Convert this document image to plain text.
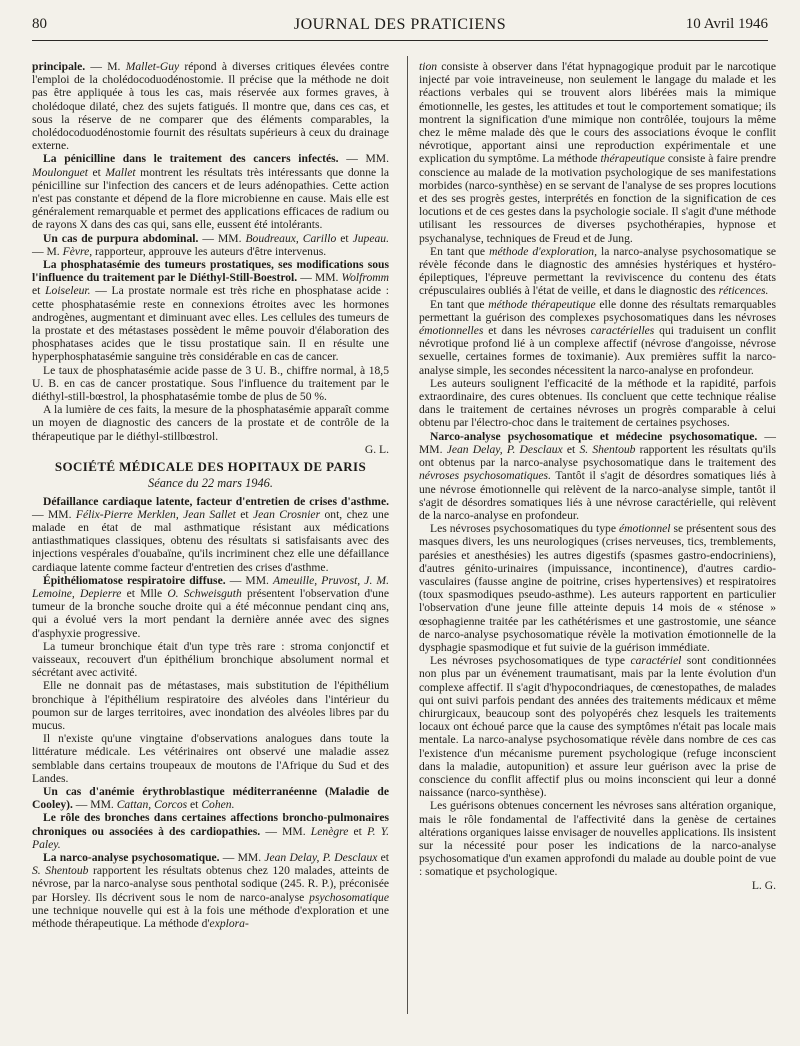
80	JOURNAL DES PRATICIENS	10 Avril 1946

principale. — M. Mallet-Guy répond à diverses critiques élevées contre l'emploi de la cholédocoduodénostomie. Il précise que la méthode ne doit pas être appliquée à tous les cas, mais réservée aux formes graves, à cholédoque dilaté, chez des sujets fatigués. Il montre que, dans ces cas, et sous la réserve de ne comparer que des éléments comparables, la cholédocoduodénostomie fournit des résultats supérieurs à ceux du drainage externe.

La pénicilline dans le traitement des cancers infectés. — MM. Moulonguet et Mallet montrent les résultats très intéressants que donne la pénicilline sur l'infection des cancers et de leurs adénopathies. Cette action n'est pas constante et dépend de la flore microbienne en cause. Mais elle est généralement remarquable et permet des applications efficaces de radium ou de rayons X dans des cas qui, sans elle, eussent été intolérants.

Un cas de purpura abdominal. — MM. Boudreaux, Carillo et Jupeau. — M. Fèvre, rapporteur, approuve les auteurs d'être intervenus.

La phosphatasémie des tumeurs prostatiques, ses modifications sous l'influence du traitement par le Diéthyl-Still-Boestrol. — MM. Wolfromm et Loiseleur. — La prostate normale est très riche en phosphatase acide : cette phosphatasémie reste en connexions étroites avec les hormones androgènes, augmentant et diminuant avec elles. Les cellules des tumeurs de la prostate et des métastases possèdent le même pouvoir d'élaboration des phosphatases acides que le tissu prostatique sain. Il en résulte une hyperphosphatasémie sanguine très considérable en cas de cancer.

Le taux de phosphatasémie acide passe de 3 U. B., chiffre normal, à 18,5 U. B. en cas de cancer prostatique. Sous l'influence du traitement par le diéthyl-still-bœstrol, la phosphatasémie tombe de plus de 50 %.

A la lumière de ces faits, la mesure de la phosphatasémie apparaît comme un moyen de diagnostic des cancers de la prostate et de contrôle de la thérapeutique par le diéthyl-stillbœstrol.

G. L.
SOCIÉTÉ MÉDICALE DES HOPITAUX DE PARIS
Séance du 22 mars 1946.

Défaillance cardiaque latente, facteur d'entretien de crises d'asthme. — MM. Félix-Pierre Merklen, Jean Sallet et Jean Crosnier ont, chez une malade en état de mal asthmatique résistant aux médications antiasthmatiques classiques, obtenu des résultats si satisfaisants avec des injections vespérales d'ouabaïne, qu'ils incriminent chez elle une défaillance cardiaque latente comme facteur d'entretien des crises d'asthme.

Épithéliomatose respiratoire diffuse. — MM. Ameuille, Pruvost, J. M. Lemoine, Depierre et Mlle O. Schweisguth présentent l'observation d'une tumeur de la bronche souche droite qui a été méconnue pendant cinq ans, qui a évolué vers la mort pendant la dernière année avec des signes d'asphyxie progressive.

La tumeur bronchique était d'un type très rare : stroma conjonctif et vaisseaux, recouvert d'un épithélium bronchique absolument normal et sécrétant avec activité.

Elle ne donnait pas de métastases, mais substitution de l'épithélium bronchique à l'épithélium respiratoire des alvéoles dans l'intérieur du poumon sur de larges territoires, avec inondation des alvéoles libres par du mucus.

Il n'existe qu'une vingtaine d'observations analogues dans toute la littérature médicale. Les vétérinaires ont observé une maladie assez semblable dans certains troupeaux de moutons de l'Afrique du Sud et des Landes.

Un cas d'anémie érythroblastique méditerranéenne (Maladie de Cooley). — MM. Cattan, Corcos et Cohen.

Le rôle des bronches dans certaines affections broncho-pulmonaires chroniques ou associées à des cardiopathies. — MM. Lenègre et P. Y. Paley.

La narco-analyse psychosomatique. — MM. Jean Delay, P. Desclaux et S. Shentoub rapportent les résultats obtenus chez 120 malades, atteints de névrose, par la narco-analyse sous penthotal sodique (245. R. P.), préconisée par Horsley. Ils décrivent sous le nom de narco-analyse psychosomatique une technique nouvelle qui est à la fois une méthode d'exploration et une méthode thérapeutique. La méthode d'explora-

tion consiste à observer dans l'état hypnagogique produit par le narcotique injecté par voie intraveineuse, non seulement le langage du malade et les réactions verbales qui se trouvent alors libérées mais la mimique émotionnelle, les gestes, les attitudes et tout le comportement somatique; ils montrent la signification d'une mimique non contrôlée, toujours la même chez le même malade dès que le cours des associations évoque le conflit névrotique, apportant ainsi une reproduction expérimentale et une explication du symptôme. La méthode thérapeutique consiste à faire prendre conscience au malade de la motivation psychologique de ses manifestations morbides (narco-synthèse) en se servant de l'analyse de ses propres locutions et des ses progrès gestes, interprétés en fonction de la signification de ces locutions et de ces gestes dans la psychologie sociale. Il s'agit d'une méthode utilisant les ressources de diverses psychothérapies, hypnose et psychanalyse, techniques de Freud et de Jung.

En tant que méthode d'exploration, la narco-analyse psychosomatique se révèle féconde dans le diagnostic des amnésies hystériques et hystéro-épileptiques, l'épreuve permettant la reviviscence du contenu des états crépusculaires oubliés à l'état de veille, et dans le diagnostic des réticences.

En tant que méthode thérapeutique elle donne des résultats remarquables permettant la guérison des complexes psychosomatiques dans les névroses émotionnelles et dans les névroses caractérielles qui traduisent un conflit névrotique profond lié à un complexe affectif (névrose d'angoisse, névrose sexuelle, certaines formes de toximanie). Aux premières suffit la narco-analyse simple, les secondes nécessitent la narco-analyse en profondeur.

Les auteurs soulignent l'efficacité de la méthode et la rapidité, parfois extraordinaire, des cures obtenues. Ils concluent que cette technique réalise dans le traitement de certaines névroses un progrès comparable à celui obtenu par l'électro-choc dans le traitement de certaines psychoses.

Narco-analyse psychosomatique et médecine psychosomatique. — MM. Jean Delay, P. Desclaux et S. Shentoub rapportent les résultats qu'ils ont obtenus par la narco-analyse psychosomatique dans le traitement des névroses psychosomatiques. Tantôt il s'agit de désordres somatiques liés à une névrose émotionnelle qui relèvent de la narco-analyse simple, tantôt il s'agit de désordres somatiques liés à une névrose caractérielle, qui relèvent de la narco-analyse en profondeur.

Les névroses psychosomatiques du type émotionnel se présentent sous des masques divers, les uns neurologiques (crises nerveuses, tics, tremblements, parésies et anesthésies) les autres digestifs (spasmes gastro-endocriniens), d'autres génito-urinaires (impuissance, incontinence), d'autres cardio-vasculaires (fausse angine de poitrine, crises hypertensives) et respiratoires (toux spasmodiques pseudo-asthme). Les auteurs rapportent en particulier l'observation d'une jeune fille atteinte depuis 14 mois de « sténose » œsophagienne traitée par les cathétérismes et une gastrostomie, une séance de narco-analyse psychosomatique révèle la motivation émotionnelle de la dysphagie spasmodique et fut suivie de la guérison immédiate.

Les névroses psychosomatiques de type caractériel sont conditionnées non plus par un événement traumatisant, mais par la lente évolution d'un complexe affectif. Il s'agit d'hypocondriaques, de cœnestopathes, de malades qui ont suivi parfois pendant des années des traitements médicaux et même chirurgicaux, beaucoup sont des polyopérés chez lesquels les traitements locaux ont échoué parce que la cause des symptômes n'était pas locale mais mentale. La narco-analyse psychosomatique révèle dans nombre de ces cas l'existence d'un mécanisme purement psychologique (refuge inconscient dans la maladie, autopunition) et assure leur guérison avec la prise de conscience du conflit affectif plus ou moins inconscient qui leur a donné naissance (narco-synthèse).

Les guérisons obtenues concernent les névroses sans altération organique, mais le rôle fondamental de l'affectivité dans la genèse de certaines altérations organiques laisse envisager de nouvelles applications. Ils insistent sur la nécessité pour poser les indications de la narco-analyse psychosomatique d'un examen approfondi du malade au double point de vue : somatique et psychologique.

L. G.
